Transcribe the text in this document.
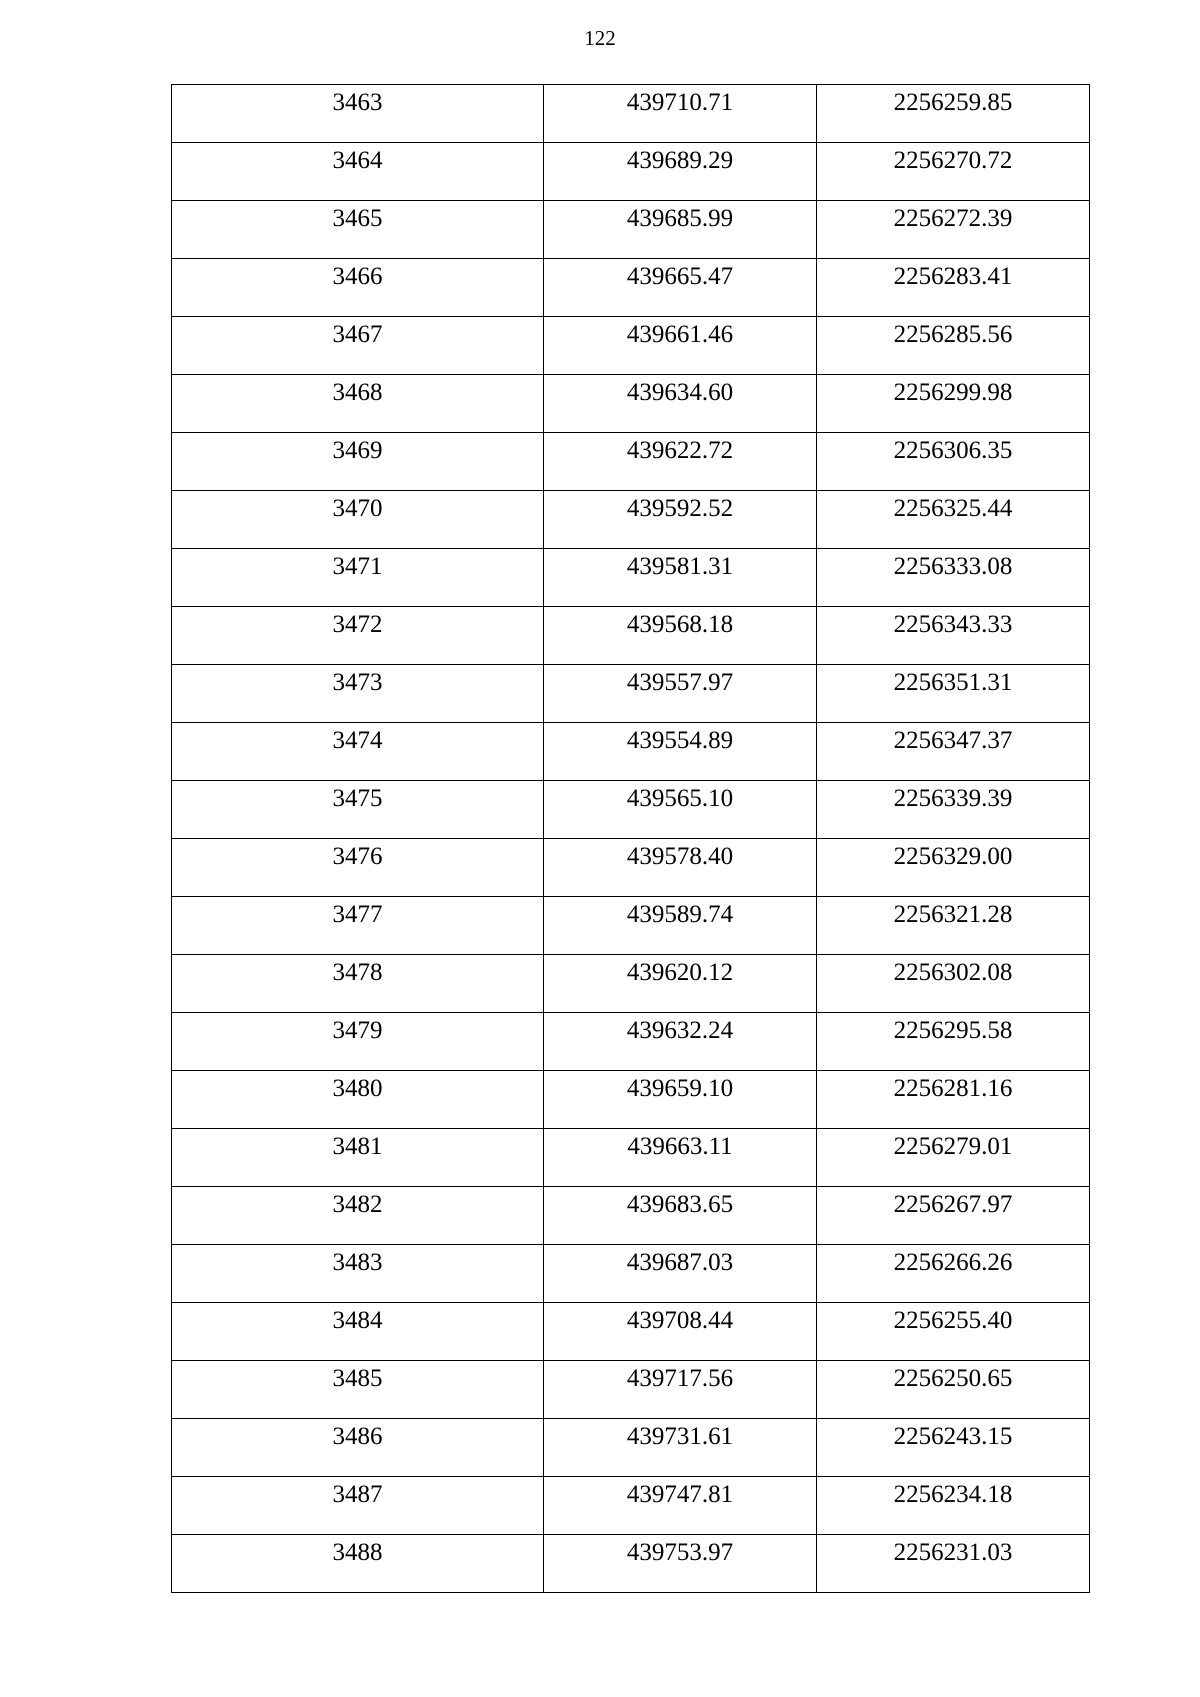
122
3463	439710.71	2256259.85
3464	439689.29	2256270.72
3465	439685.99	2256272.39
3466	439665.47	2256283.41
3467	439661.46	2256285.56
3468	439634.60	2256299.98
3469	439622.72	2256306.35
3470	439592.52	2256325.44
3471	439581.31	2256333.08
3472	439568.18	2256343.33
3473	439557.97	2256351.31
3474	439554.89	2256347.37
3475	439565.10	2256339.39
3476	439578.40	2256329.00
3477	439589.74	2256321.28
3478	439620.12	2256302.08
3479	439632.24	2256295.58
3480	439659.10	2256281.16
3481	439663.11	2256279.01
3482	439683.65	2256267.97
3483	439687.03	2256266.26
3484	439708.44	2256255.40
3485	439717.56	2256250.65
3486	439731.61	2256243.15
3487	439747.81	2256234.18
3488	439753.97	2256231.03
